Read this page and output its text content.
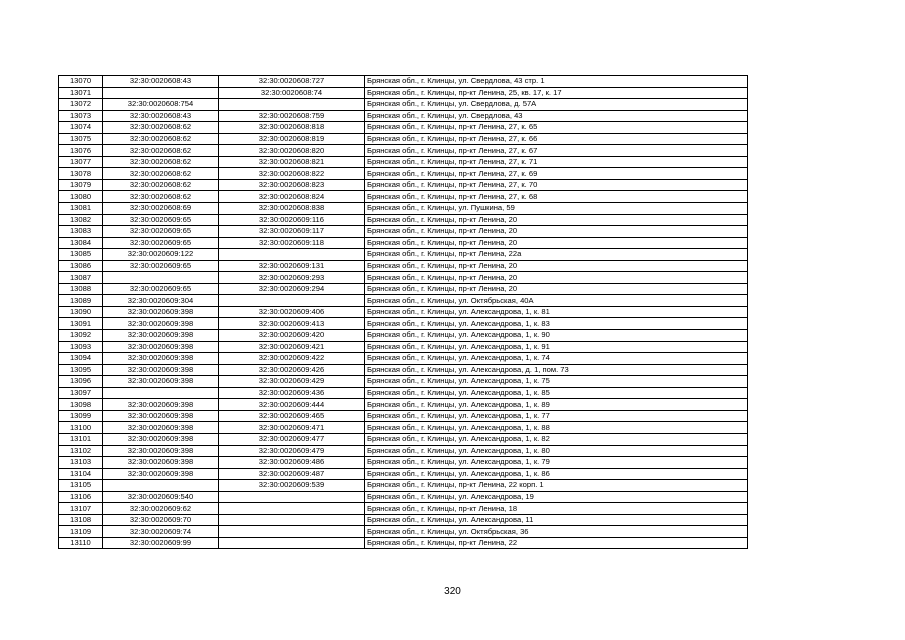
13070	32:30:0020608:43	32:30:0020608:727	Брянская обл., г. Клинцы, ул. Свердлова, 43 стр. 1
13071		32:30:0020608:74	Брянская обл., г. Клинцы, пр-кт Ленина, 25, кв. 17, к. 17
13072	32:30:0020608:754		Брянская обл., г. Клинцы, ул. Свердлова, д. 57А
13073	32:30:0020608:43	32:30:0020608:759	Брянская обл., г. Клинцы, ул. Свердлова, 43
13074	32:30:0020608:62	32:30:0020608:818	Брянская обл., г. Клинцы, пр-кт Ленина, 27, к. 65
13075	32:30:0020608:62	32:30:0020608:819	Брянская обл., г. Клинцы, пр-кт Ленина, 27, к. 66
13076	32:30:0020608:62	32:30:0020608:820	Брянская обл., г. Клинцы, пр-кт Ленина, 27, к. 67
13077	32:30:0020608:62	32:30:0020608:821	Брянская обл., г. Клинцы, пр-кт Ленина, 27, к. 71
13078	32:30:0020608:62	32:30:0020608:822	Брянская обл., г. Клинцы, пр-кт Ленина, 27, к. 69
13079	32:30:0020608:62	32:30:0020608:823	Брянская обл., г. Клинцы, пр-кт Ленина, 27, к. 70
13080	32:30:0020608:62	32:30:0020608:824	Брянская обл., г. Клинцы, пр-кт Ленина, 27, к. 68
13081	32:30:0020608:69	32:30:0020608:838	Брянская обл., г. Клинцы, ул. Пушкина, 59
13082	32:30:0020609:65	32:30:0020609:116	Брянская обл., г. Клинцы, пр-кт Ленина, 20
13083	32:30:0020609:65	32:30:0020609:117	Брянская обл., г. Клинцы, пр-кт Ленина, 20
13084	32:30:0020609:65	32:30:0020609:118	Брянская обл., г. Клинцы, пр-кт Ленина, 20
13085	32:30:0020609:122		Брянская обл., г. Клинцы, пр-кт Ленина, 22а
13086	32:30:0020609:65	32:30:0020609:131	Брянская обл., г. Клинцы, пр-кт Ленина, 20
13087		32:30:0020609:293	Брянская обл., г. Клинцы, пр-кт Ленина, 20
13088	32:30:0020609:65	32:30:0020609:294	Брянская обл., г. Клинцы, пр-кт Ленина, 20
13089	32:30:0020609:304		Брянская обл., г. Клинцы, ул. Октябрьская, 40А
13090	32:30:0020609:398	32:30:0020609:406	Брянская обл., г. Клинцы, ул. Александрова, 1, к. 81
13091	32:30:0020609:398	32:30:0020609:413	Брянская обл., г. Клинцы, ул. Александрова, 1, к. 83
13092	32:30:0020609:398	32:30:0020609:420	Брянская обл., г. Клинцы, ул. Александрова, 1, к. 90
13093	32:30:0020609:398	32:30:0020609:421	Брянская обл., г. Клинцы, ул. Александрова, 1, к. 91
13094	32:30:0020609:398	32:30:0020609:422	Брянская обл., г. Клинцы, ул. Александрова, 1, к. 74
13095	32:30:0020609:398	32:30:0020609:426	Брянская обл., г. Клинцы, ул. Александрова, д. 1, пом. 73
13096	32:30:0020609:398	32:30:0020609:429	Брянская обл., г. Клинцы, ул. Александрова, 1, к. 75
13097		32:30:0020609:436	Брянская обл., г. Клинцы, ул. Александрова, 1, к. 85
13098	32:30:0020609:398	32:30:0020609:444	Брянская обл., г. Клинцы, ул. Александрова, 1, к. 89
13099	32:30:0020609:398	32:30:0020609:465	Брянская обл., г. Клинцы, ул. Александрова, 1, к. 77
13100	32:30:0020609:398	32:30:0020609:471	Брянская обл., г. Клинцы, ул. Александрова, 1, к. 88
13101	32:30:0020609:398	32:30:0020609:477	Брянская обл., г. Клинцы, ул. Александрова, 1, к. 82
13102	32:30:0020609:398	32:30:0020609:479	Брянская обл., г. Клинцы, ул. Александрова, 1, к. 80
13103	32:30:0020609:398	32:30:0020609:486	Брянская обл., г. Клинцы, ул. Александрова, 1, к. 79
13104	32:30:0020609:398	32:30:0020609:487	Брянская обл., г. Клинцы, ул. Александрова, 1, к. 86
13105		32:30:0020609:539	Брянская обл., г. Клинцы, пр-кт Ленина, 22 корп. 1
13106	32:30:0020609:540		Брянская обл., г. Клинцы, ул. Александрова, 19
13107	32:30:0020609:62		Брянская обл., г. Клинцы, пр-кт Ленина, 18
13108	32:30:0020609:70		Брянская обл., г. Клинцы, ул. Александрова, 11
13109	32:30:0020609:74		Брянская обл., г. Клинцы, ул. Октябрьская, 36
13110	32:30:0020609:99		Брянская обл., г. Клинцы, пр-кт Ленина, 22
320
